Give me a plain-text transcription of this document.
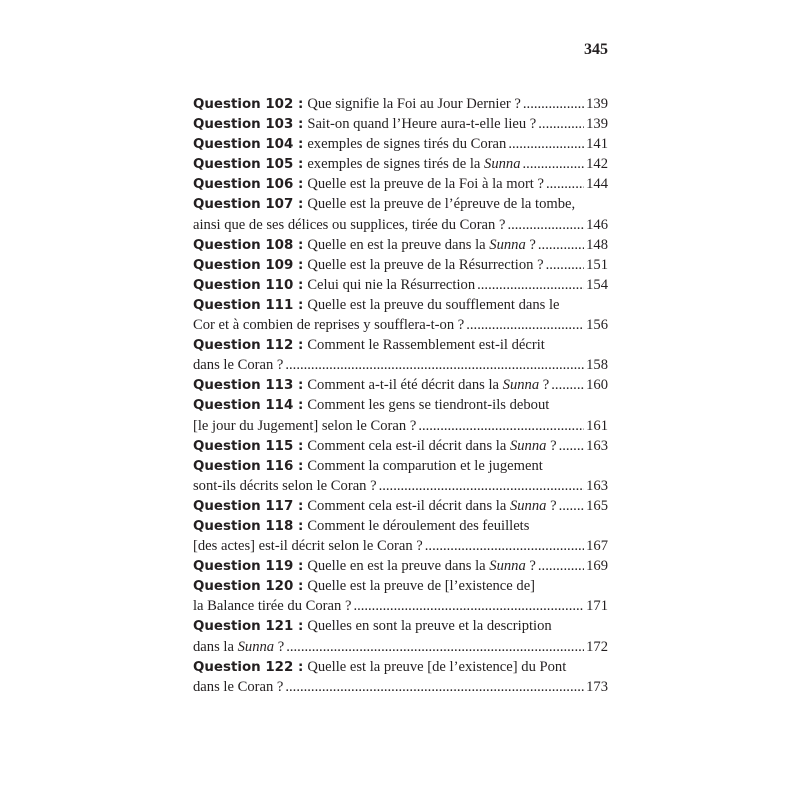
345
Question 102 : Que signifie la Foi au Jour Dernier ? .....	139
Question 103 : Sait-on quand l’Heure aura-t-elle lieu ? .....	139
Question 104 : exemples de signes tirés du Coran .....	141
Question 105 : exemples de signes tirés de la Sunna .....	142
Question 106 : Quelle est la preuve de la Foi à la mort ? .....	144
Question 107 : Quelle est la preuve de l’épreuve de la tombe,
ainsi que de ses délices ou supplices, tirée du Coran ? .....	146
Question 108 : Quelle en est la preuve dans la Sunna ? .....	148
Question 109 : Quelle est la preuve de la Résurrection ? .....	151
Question 110 : Celui qui nie la Résurrection .....	154
Question 111 : Quelle est la preuve du soufflement dans le
Cor et à combien de reprises y soufflera-t-on ? .....	156
Question 112 : Comment le Rassemblement est-il décrit
dans le Coran ? .....	158
Question 113 : Comment a-t-il été décrit dans la Sunna ? .....	160
Question 114 : Comment les gens se tiendront-ils debout
[le jour du Jugement] selon le Coran ? .....	161
Question 115 : Comment cela est-il décrit dans la Sunna ? ..... 163
Question 116 : Comment la comparution et le jugement
sont-ils décrits selon le Coran ? .....	163
Question 117 : Comment cela est-il décrit dans la Sunna ? ..... 165
Question 118 : Comment le déroulement des feuillets
[des actes] est-il décrit selon le Coran ? .....	167
Question 119 : Quelle en est la preuve dans la Sunna ? .....	169
Question 120 : Quelle est la preuve de [l’existence de]
la Balance tirée du Coran ? .....	171
Question 121 : Quelles en sont la preuve et la description
dans la Sunna ? .....	172
Question 122 : Quelle est la preuve [de l’existence] du Pont
dans le Coran ? .....	173
